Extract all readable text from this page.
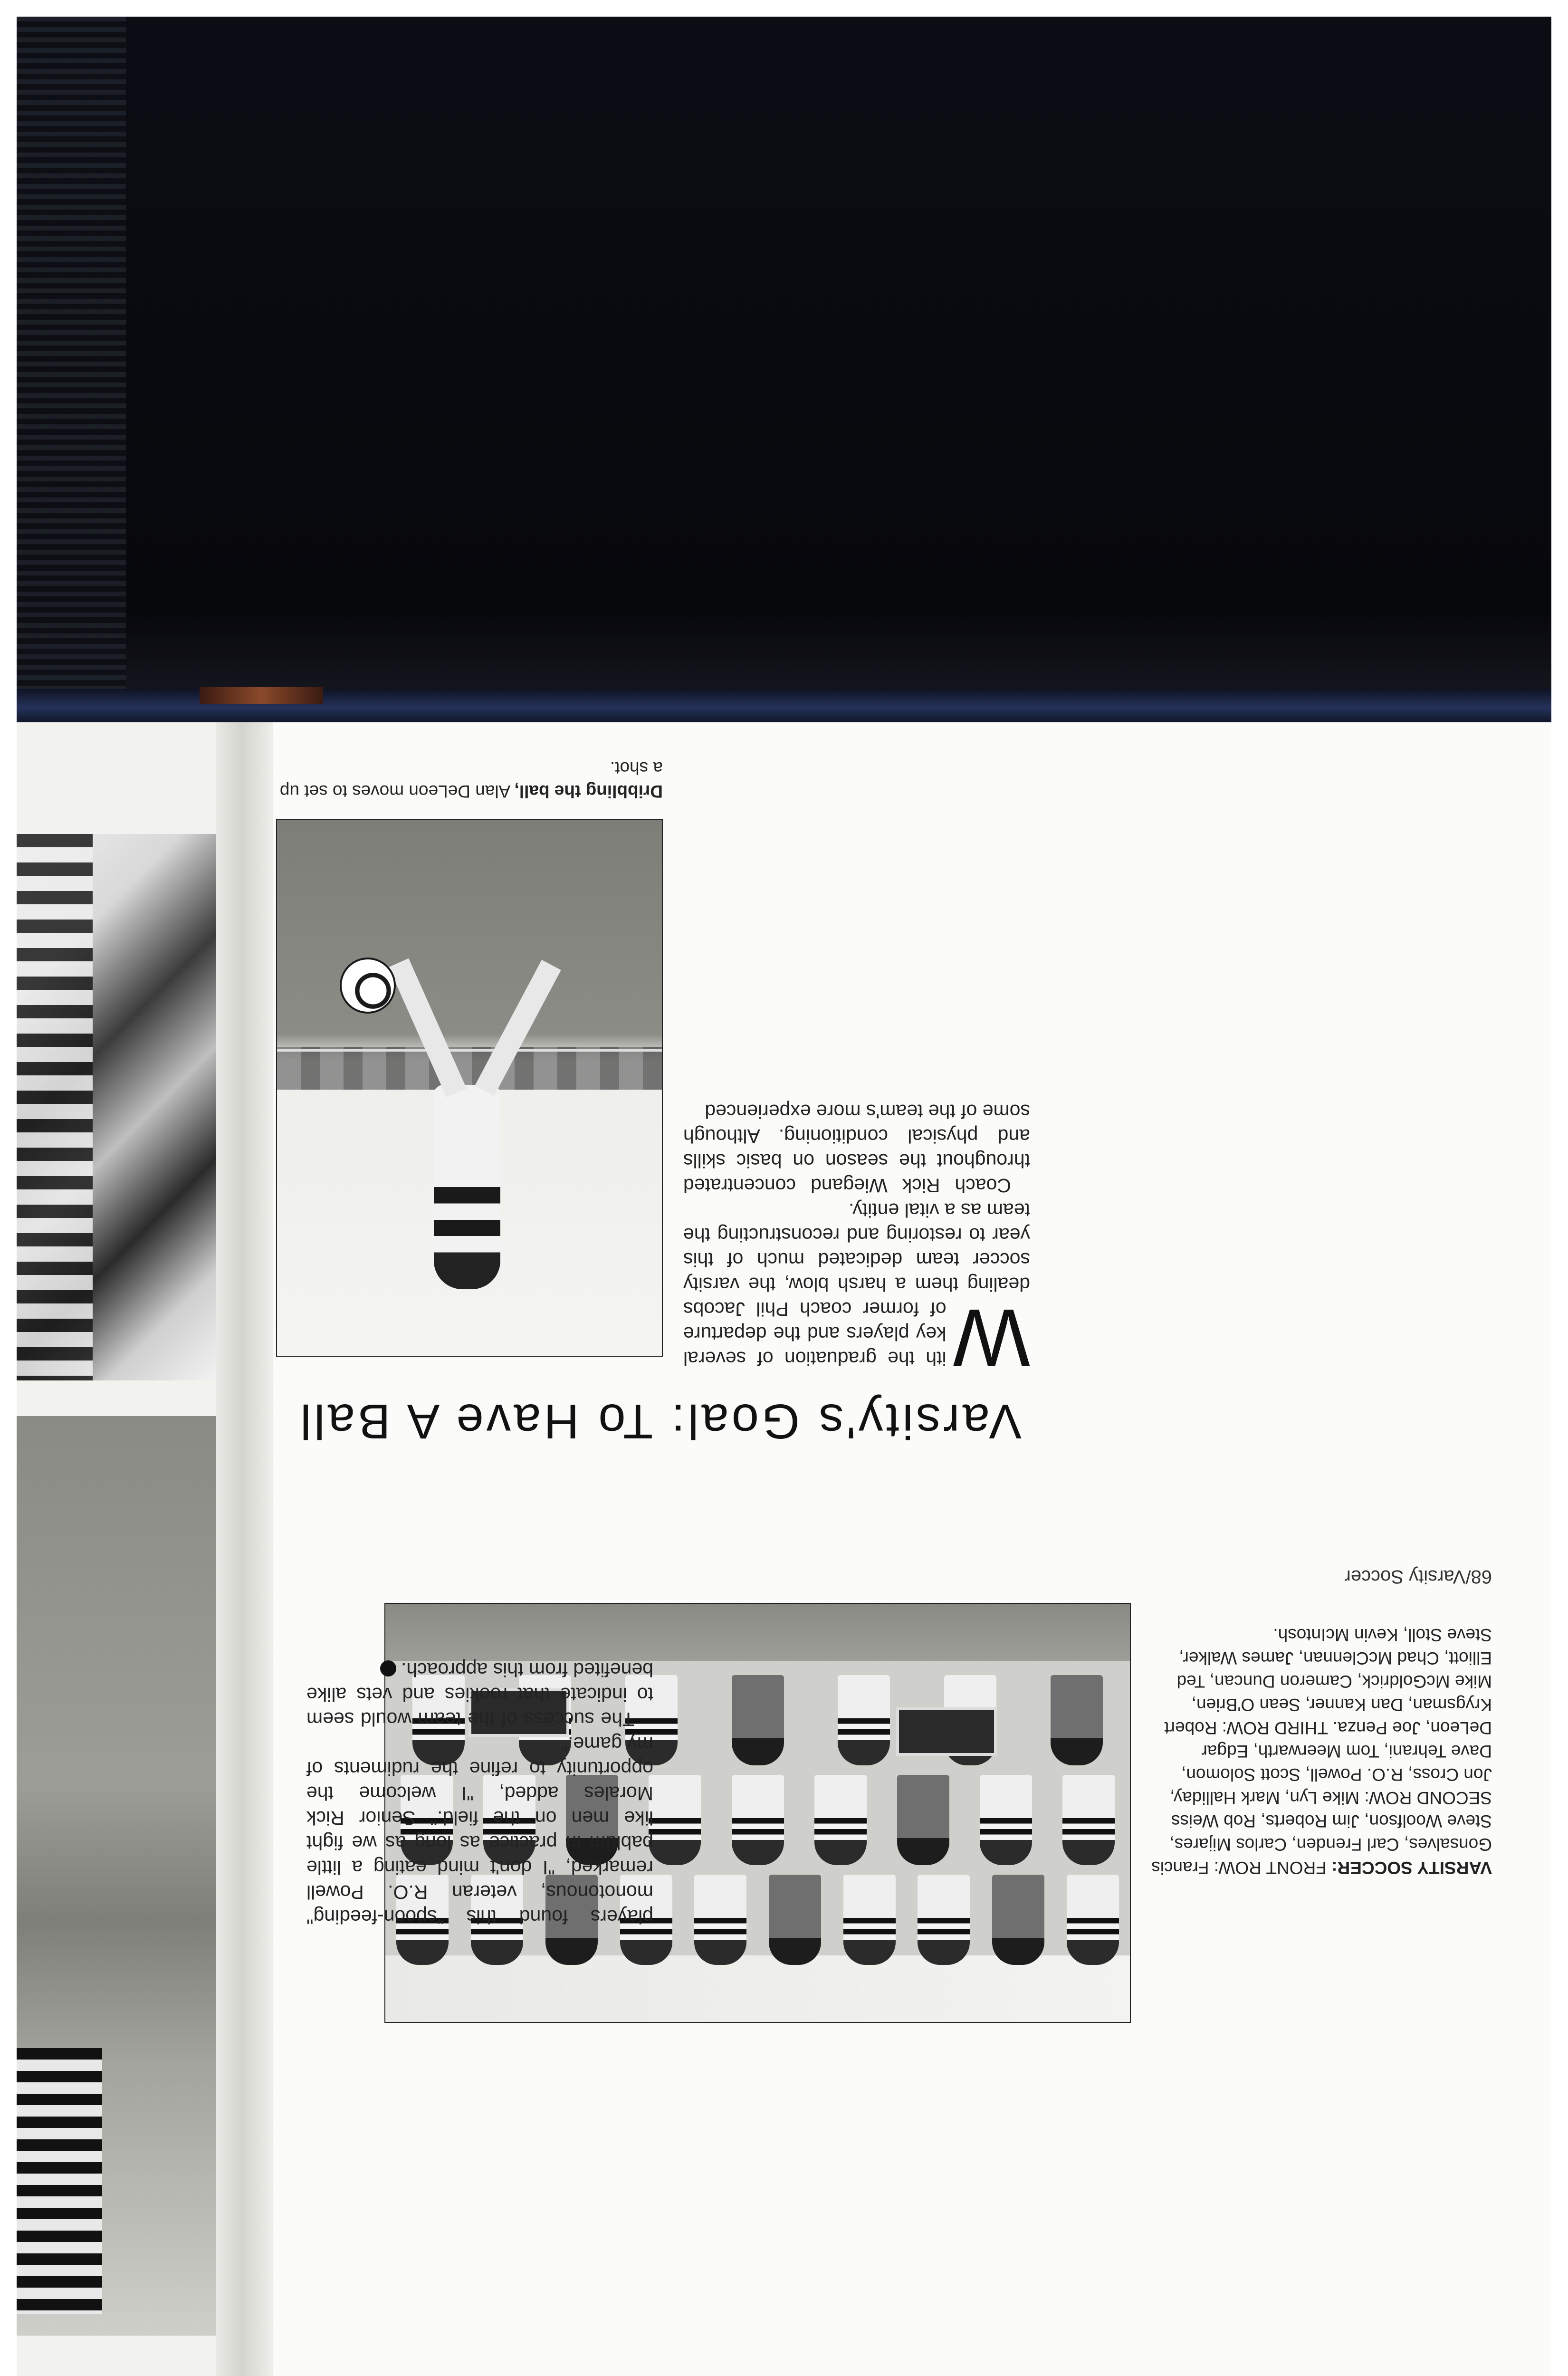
68/Varsity Soccer
VARSITY SOCCER: FRONT ROW: Francis Gonsalves, Carl Frenden, Carlos Mijares, Steve Woolfson, Jim Roberts, Rob Weiss SECOND ROW: Mike Lyn, Mark Halliday, Jon Cross, R.O. Powell, Scott Solomon, Dave Tehrani, Tom Meerwarth, Edgar DeLeon, Joe Penza. THIRD ROW: Robert Krygsman, Dan Kanner, Sean O'Brien, Mike McGoldrick, Cameron Duncan, Ted Elliott, Chad McClennan, James Walker, Steve Stoll, Kevin McIntosh.
Varsity's Goal: To Have A Ball

W
ith the graduation of several key players and the departure of former coach Phil Jacobs dealing them a harsh blow, the varsity soccer team dedicated much of this year to restoring and reconstructing the team as a vital entity.

Coach Rick Wiegand concentrated throughout the season on basic skills and physical conditioning. Although some of the team's more experienced

players found this "spoon-feeding" monotonous, veteran R.O. Powell remarked, "I don't mind eating a little pablum in practice as long as we fight like men on the field." Senior Rick Morales added, "I welcome the opportunity to refine the rudiments of my game."

The success of the team would seem to indicate that rookies and vets alike benefited from this approach.

Dribbling the ball, Alan DeLeon moves to set up a shot.
